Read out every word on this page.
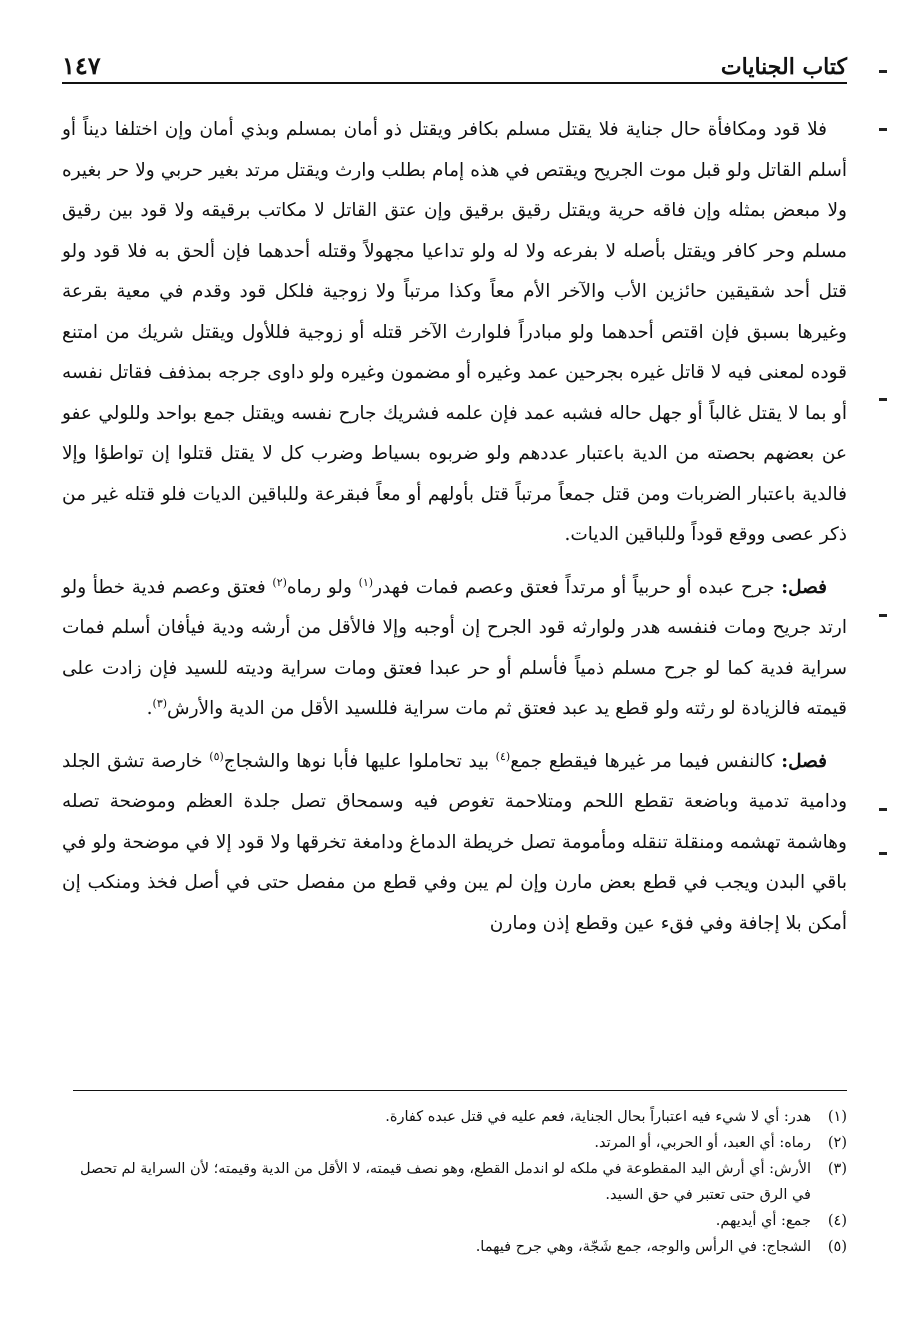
كتاب الجنايات
١٤٧

فلا قود ومكافأة حال جناية فلا يقتل مسلم بكافر ويقتل ذو أمان بمسلم وبذي أمان وإن اختلفا ديناً أو أسلم القاتل ولو قبل موت الجريح ويقتص في هذه إمام بطلب وارث ويقتل مرتد بغير حربي ولا حر بغيره ولا مبعض بمثله وإن فاقه حرية ويقتل رقيق برقيق وإن عتق القاتل لا مكاتب برقيقه ولا قود بين رقيق مسلم وحر كافر ويقتل بأصله لا بفرعه ولا له ولو تداعيا مجهولاً وقتله أحدهما فإن ألحق به فلا قود ولو قتل أحد شقيقين حائزين الأب والآخر الأم معاً وكذا مرتباً ولا زوجية فلكل قود وقدم في معية بقرعة وغيرها بسبق فإن اقتص أحدهما ولو مبادراً فلوارث الآخر قتله أو زوجية فللأول ويقتل شريك من امتنع قوده لمعنى فيه لا قاتل غيره بجرحين عمد وغيره أو مضمون وغيره ولو داوى جرجه بمذفف فقاتل نفسه أو بما لا يقتل غالباً أو جهل حاله فشبه عمد فإن علمه فشريك جارح نفسه ويقتل جمع بواحد وللولي عفو عن بعضهم بحصته من الدية باعتبار عددهم ولو ضربوه بسياط وضرب كل لا يقتل قتلوا إن تواطؤا وإلا فالدية باعتبار الضربات ومن قتل جمعاً مرتباً قتل بأولهم أو معاً فبقرعة وللباقين الديات فلو قتله غير من ذكر عصى ووقع قوداً وللباقين الديات.

فصل: جرح عبده أو حربياً أو مرتداً فعتق وعصم فمات فهدر$^{(١)}$ ولو رماه$^{(٢)}$ فعتق وعصم فدية خطأ ولو ارتد جريح ومات فنفسه هدر ولوارثه قود الجرح إن أوجبه وإلا فالأقل من أرشه ودية فيأفان أسلم فمات سراية فدية كما لو جرح مسلم ذمياً فأسلم أو حر عبدا فعتق ومات سراية وديته للسيد فإن زادت على قيمته فالزيادة لو رثته ولو قطع يد عبد فعتق ثم مات سراية فللسيد الأقل من الدية والأرش$^{(٣)}$.

فصل: كالنفس فيما مر غيرها فيقطع جمع$^{(٤)}$ بيد تحاملوا عليها فأبا نوها والشجاج$^{(٥)}$ خارصة تشق الجلد ودامية تدمية وباضعة تقطع اللحم ومتلاحمة تغوص فيه وسمحاق تصل جلدة العظم وموضحة تصله وهاشمة تهشمه ومنقلة تنقله ومأمومة تصل خريطة الدماغ ودامغة تخرقها ولا قود إلا في موضحة ولو في باقي البدن ويجب في قطع بعض مارن وإن لم يبن وفي قطع من مفصل حتى في أصل فخذ ومنكب إن أمكن بلا إجافة وفي فقء عين وقطع إذن ومارن

(١)
هدر: أي لا شيء فيه اعتباراً بحال الجناية، فعم عليه في قتل عبده كفارة.
(٢)
رماه: أي العبد، أو الحربي، أو المرتد.
(٣)
الأرش: أي أرش اليد المقطوعة في ملكه لو اندمل القطع، وهو نصف قيمته، لا الأقل من الدية وقيمته؛ لأن السراية لم تحصل في الرق حتى تعتبر في حق السيد.
(٤)
جمع: أي أيديهم.
(٥)
الشجاج: في الرأس والوجه، جمع شَجّة، وهي جرح فيهما.
